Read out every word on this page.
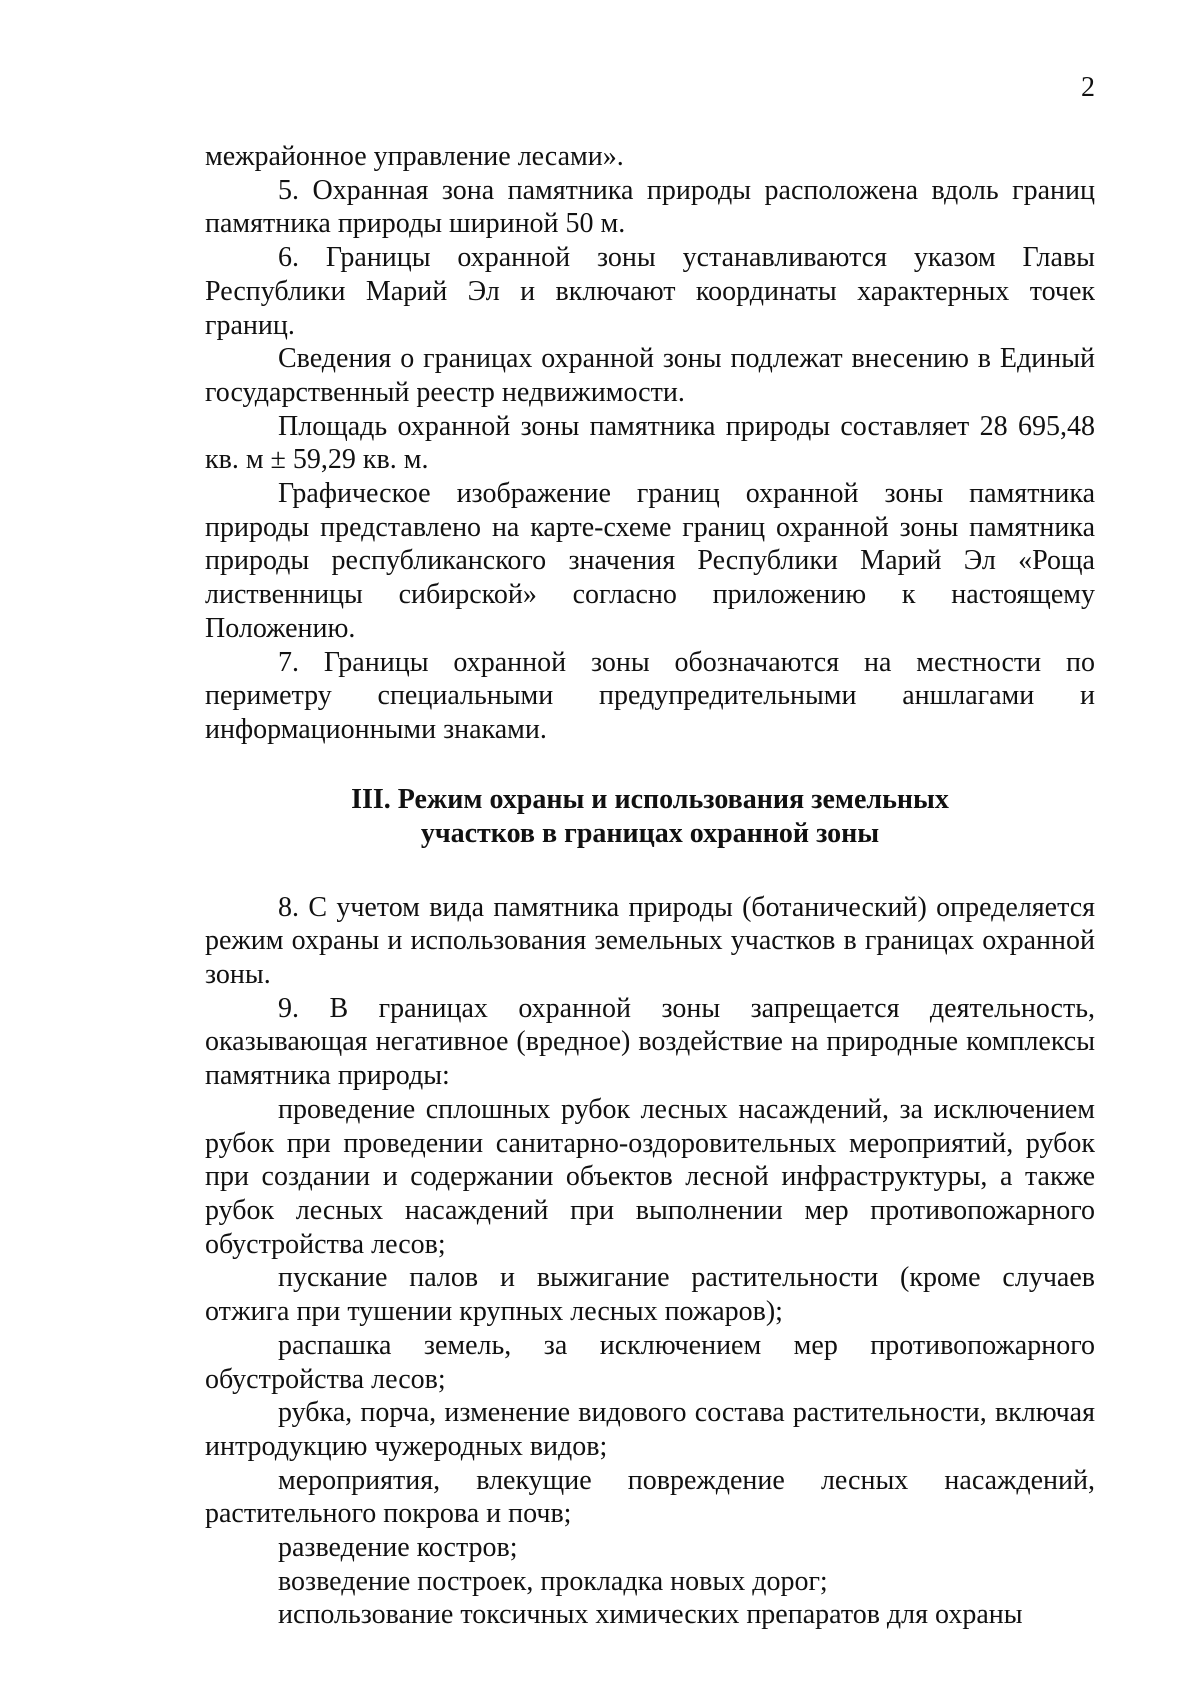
2

межрайонное управление лесами».

5. Охранная зона памятника природы расположена вдоль границ памятника природы шириной 50 м.

6. Границы охранной зоны устанавливаются указом Главы Республики Марий Эл и включают координаты характерных точек границ.

Сведения о границах охранной зоны подлежат внесению в Единый государственный реестр недвижимости.

Площадь охранной зоны памятника природы составляет 28 695,48 кв. м ± 59,29 кв. м.

Графическое изображение границ охранной зоны памятника природы представлено на карте-схеме границ охранной зоны памятника природы республиканского значения Республики Марий Эл «Роща лиственницы сибирской» согласно приложению к настоящему Положению.

7. Границы охранной зоны обозначаются на местности по периметру специальными предупредительными аншлагами и информационными знаками.

III. Режим охраны и использования земельных
участков в границах охранной зоны

8. С учетом вида памятника природы (ботанический) определяется режим охраны и использования земельных участков в границах охранной зоны.

9. В границах охранной зоны запрещается деятельность, оказывающая негативное (вредное) воздействие на природные комплексы памятника природы:

проведение сплошных рубок лесных насаждений, за исключением рубок при проведении санитарно-оздоровительных мероприятий, рубок при создании и содержании объектов лесной инфраструктуры, а также рубок лесных насаждений при выполнении мер противопожарного обустройства лесов;

пускание палов и выжигание растительности (кроме случаев отжига при тушении крупных лесных пожаров);

распашка земель, за исключением мер противопожарного обустройства лесов;

рубка, порча, изменение видового состава растительности, включая интродукцию чужеродных видов;

мероприятия, влекущие повреждение лесных насаждений, растительного покрова и почв;

разведение костров;

возведение построек, прокладка новых дорог;

использование токсичных химических препаратов для охраны
